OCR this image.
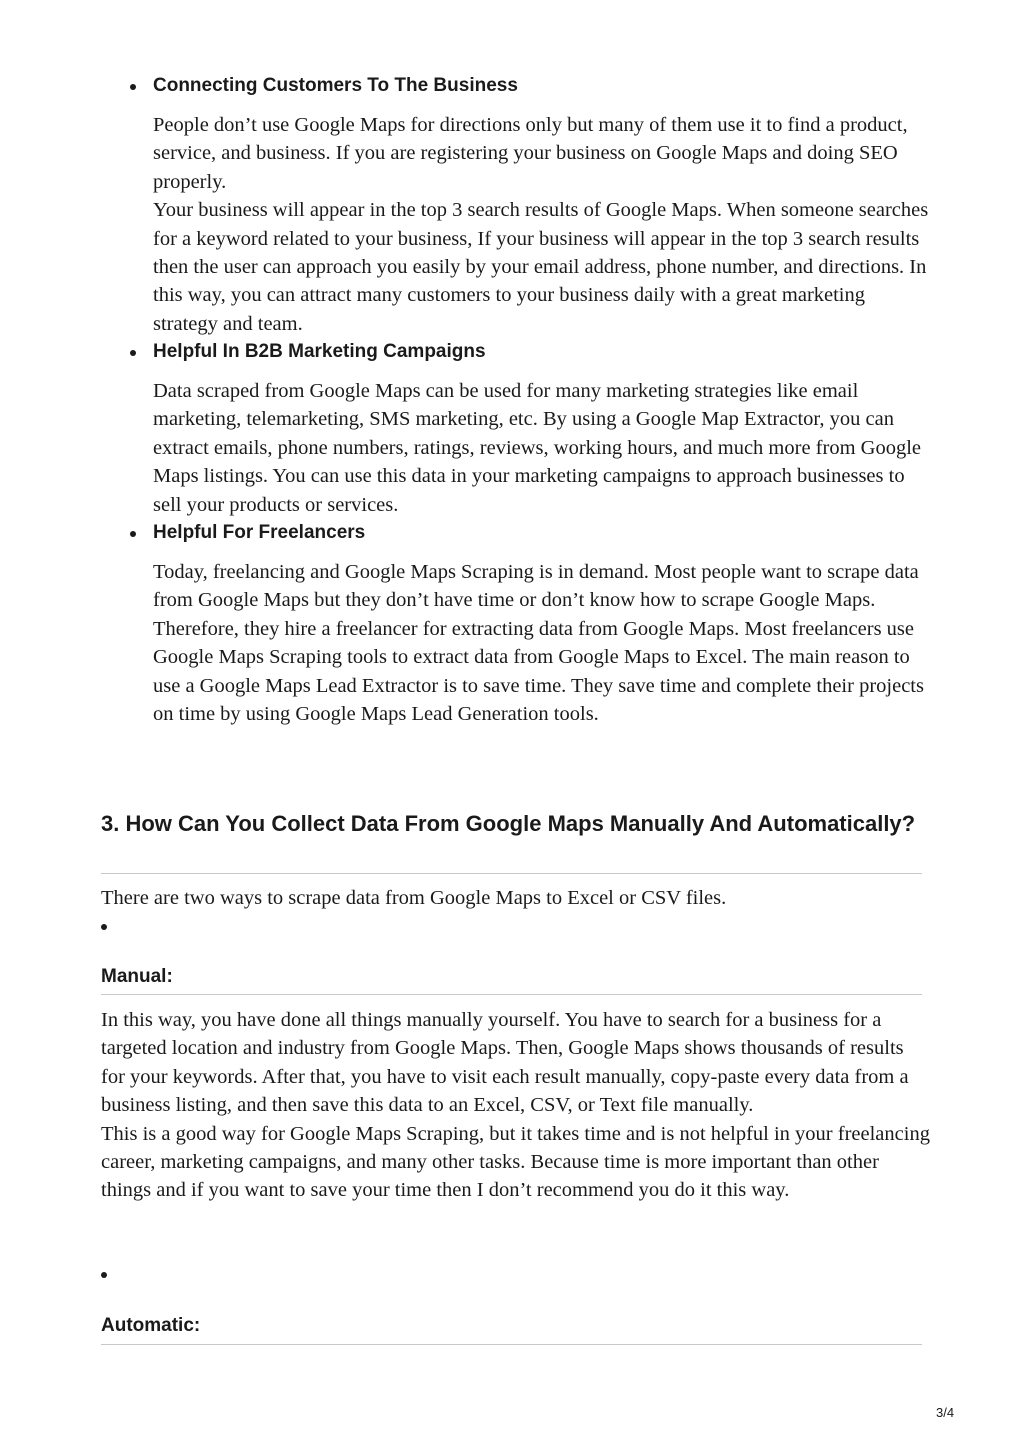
Connecting Customers To The Business

People don’t use Google Maps for directions only but many of them use it to find a product, service, and business. If you are registering your business on Google Maps and doing SEO properly.

Your business will appear in the top 3 search results of Google Maps. When someone searches for a keyword related to your business, If your business will appear in the top 3 search results then the user can approach you easily by your email address, phone number, and directions. In this way, you can attract many customers to your business daily with a great marketing strategy and team.

Helpful In B2B Marketing Campaigns

Data scraped from Google Maps can be used for many marketing strategies like email marketing, telemarketing, SMS marketing, etc. By using a Google Map Extractor, you can extract emails, phone numbers, ratings, reviews, working hours, and much more from Google Maps listings. You can use this data in your marketing campaigns to approach businesses to sell your products or services.

Helpful For Freelancers

Today, freelancing and Google Maps Scraping is in demand. Most people want to scrape data from Google Maps but they don’t have time or don’t know how to scrape Google Maps.

Therefore, they hire a freelancer for extracting data from Google Maps. Most freelancers use Google Maps Scraping tools to extract data from Google Maps to Excel. The main reason to use a Google Maps Lead Extractor is to save time. They save time and complete their projects on time by using Google Maps Lead Generation tools.

3. How Can You Collect Data From Google Maps Manually And Automatically?

There are two ways to scrape data from Google Maps to Excel or CSV files.

Manual:

In this way, you have done all things manually yourself. You have to search for a business for a targeted location and industry from Google Maps. Then, Google Maps shows thousands of results for your keywords. After that, you have to visit each result manually, copy-paste every data from a business listing, and then save this data to an Excel, CSV, or Text file manually.

This is a good way for Google Maps Scraping, but it takes time and is not helpful in your freelancing career, marketing campaigns, and many other tasks. Because time is more important than other things and if you want to save your time then I don’t recommend you do it this way.

Automatic:
3/4
